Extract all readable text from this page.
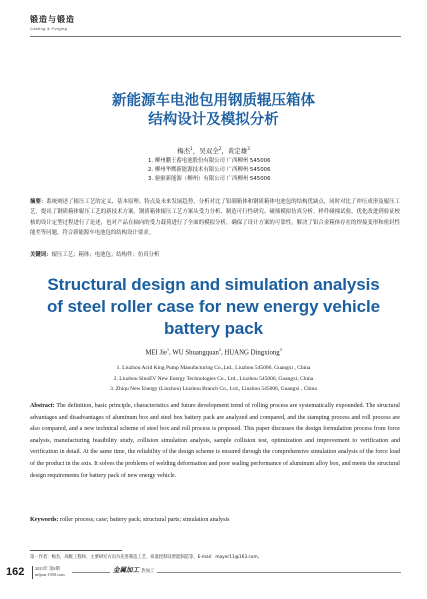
锻造与锻造
Casting & Forging
新能源车电池包用钢质辊压箱体
结构设计及模拟分析
梅杰$^1$，吴双全$^2$，黄定雄$^3$
1. 柳州鹏王蓄电池股份有限公司 广西柳州 545006
2. 柳州华鹰新能源技术有限公司 广西柳州 545006
3. 驱驱新能源（柳州）有限公司 广西柳州 545006
摘要：系统阐述了辊压工艺的定义、基本原理、特点及未来发展趋势，分析对比了铝制箱体和钢质箱体电池包的结构优缺点，同时对比了冲压成形及辊压工艺，提出了钢质箱体辊压工艺的新技术方案。钢质箱体辊压工艺方案从受力分析、制造可行性研究、碰撞模拟仿真分析、样件碰撞试验、优化改进到验证校核的设计定型过程进行了论述，也对产品在轴向的受力载荷进行了全面的模拟分析，确保了设计方案的可靠性，解决了铝合金箱体存在的焊接变形和密封性能差等问题，符合新能源车电池包的结构设计要求。
关键词：辊压工艺；箱体；电池包；结构件；仿真分析
Structural design and simulation analysis
of steel roller case for new energy vehicle
battery pack
MEI Jie$^1$, WU Shuangquan$^2$, HUANG Dingxiong$^3$
1. Liuzhou Acid King Pump Manufacturing Co.,Ltd., Liuzhou 545006, Guangxi , China
2. Liuzhou SinoEV New Energy Technologies Co., Ltd., Liuzhou 545006, Guangxi, China
3. Zhiqu New Energy (Liuzhou) Liuzhou Branch Co., Ltd., Liuzhou 545006, Guangxi , China
Abstract: The definition, basic principle, characteristics and future development trend of rolling process are systematically expounded. The structural advantages and disadvantages of aluminum box and steel box battery pack are analyzed and compared, and the stamping process and roll process are also compared, and a new technical scheme of steel box and roll process is proposed. This paper discusses the design formulation process from force analysis, manufacturing feasibility study, collision simulation analysis, sample collision test, optimization and improvement to verification and verification in detail. At the same time, the reliability of the design scheme is ensured through the comprehensive simulation analysis of the force load of the product in the axis. It solves the problems of welding deformation and poor sealing performance of aluminum alloy box, and meets the structural design requirements for battery pack of new energy vehicle.
Keywords: roller process; case; battery pack; structural parts; simulation analysis
第一作者：梅杰，高级工程师，主要研究方向为先进制造工艺、质量控制及智能制造等，E-mail：mayer11@163.com。
162 2023年 第8期
mfjour.1950.com
金属加工 热加工
